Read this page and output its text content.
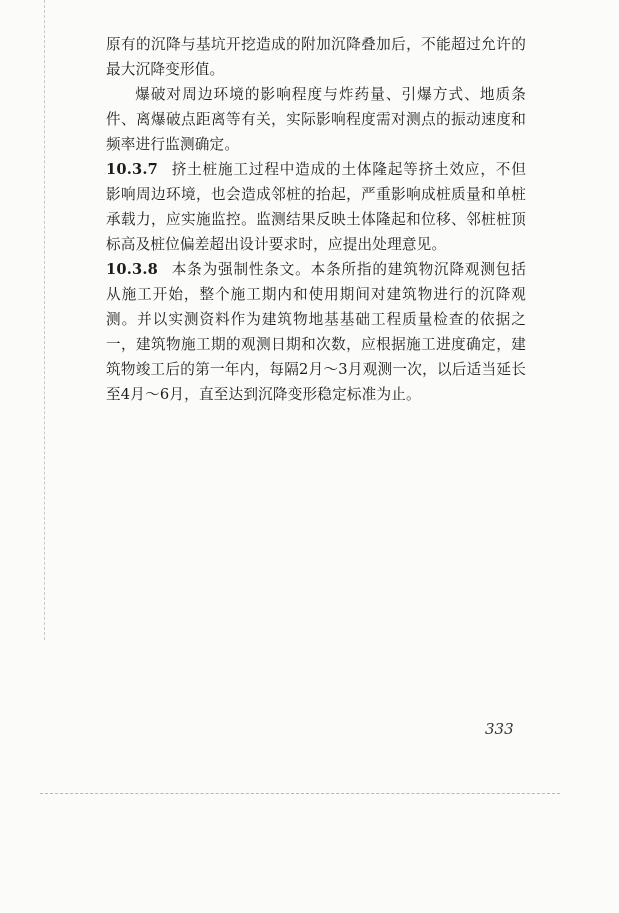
原有的沉降与基坑开挖造成的附加沉降叠加后，不能超过允许的最大沉降变形值。

爆破对周边环境的影响程度与炸药量、引爆方式、地质条件、离爆破点距离等有关，实际影响程度需对测点的振动速度和频率进行监测确定。

10.3.7 挤土桩施工过程中造成的土体隆起等挤土效应，不但影响周边环境，也会造成邻桩的抬起，严重影响成桩质量和单桩承载力，应实施监控。监测结果反映土体隆起和位移、邻桩桩顶标高及桩位偏差超出设计要求时，应提出处理意见。

10.3.8 本条为强制性条文。本条所指的建筑物沉降观测包括从施工开始，整个施工期内和使用期间对建筑物进行的沉降观测。并以实测资料作为建筑物地基基础工程质量检查的依据之一，建筑物施工期的观测日期和次数，应根据施工进度确定，建筑物竣工后的第一年内，每隔2月～3月观测一次，以后适当延长至4月～6月，直至达到沉降变形稳定标准为止。

333
